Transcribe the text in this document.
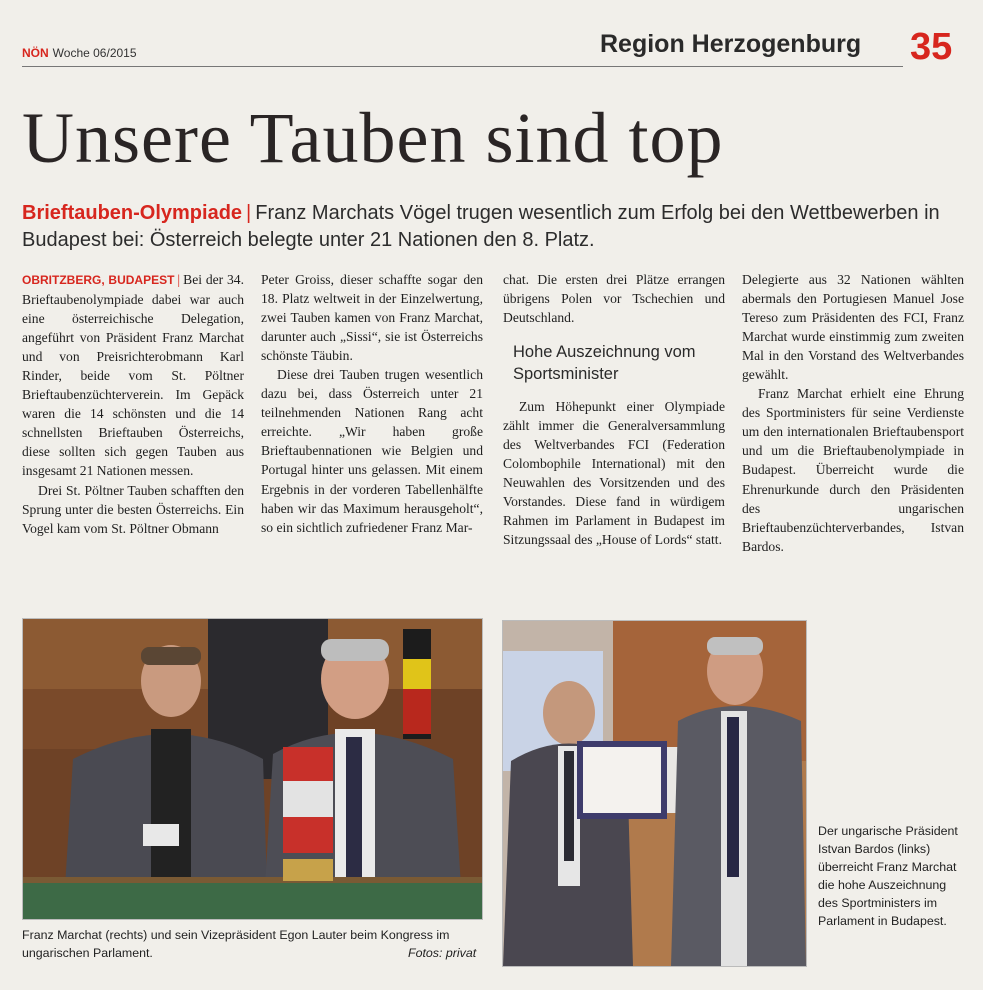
NÖN Woche 06/2015	Region Herzogenburg 35
Unsere Tauben sind top
Brieftauben-Olympiade | Franz Marchats Vögel trugen wesentlich zum Erfolg bei den Wettbewerben in Budapest bei: Österreich belegte unter 21 Nationen den 8. Platz.

OBRITZBERG, BUDAPEST | Bei der 34. Brieftaubenolympiade dabei war auch eine österreichische Delegation, angeführt von Präsident Franz Marchat und von Preisrichterobmann Karl Rinder, beide vom St. Pöltner Brieftaubenzüchterverein. Im Gepäck waren die 14 schönsten und die 14 schnellsten Brieftauben Österreichs, diese sollten sich gegen Tauben aus insgesamt 21 Nationen messen.

Drei St. Pöltner Tauben schafften den Sprung unter die besten Österreichs. Ein Vogel kam vom St. Pöltner Obmann

Peter Groiss, dieser schaffte sogar den 18. Platz weltweit in der Einzelwertung, zwei Tauben kamen von Franz Marchat, darunter auch „Sissi“, sie ist Österreichs schönste Täubin.

Diese drei Tauben trugen wesentlich dazu bei, dass Österreich unter 21 teilnehmenden Nationen Rang acht erreichte. „Wir haben große Brieftaubennationen wie Belgien und Portugal hinter uns gelassen. Mit einem Ergebnis in der vorderen Tabellenhälfte haben wir das Maximum herausgeholt“, so ein sichtlich zufriedener Franz Mar-

chat. Die ersten drei Plätze errangen übrigens Polen vor Tschechien und Deutschland.

Hohe Auszeichnung vom Sportsminister

Zum Höhepunkt einer Olympiade zählt immer die Generalversammlung des Weltverbandes FCI (Federation Colombophile International) mit den Neuwahlen des Vorsitzenden und des Vorstandes. Diese fand in würdigem Rahmen im Parlament in Budapest im Sitzungssaal des „House of Lords“ statt.

Delegierte aus 32 Nationen wählten abermals den Portugiesen Manuel Jose Tereso zum Präsidenten des FCI, Franz Marchat wurde einstimmig zum zweiten Mal in den Vorstand des Weltverbandes gewählt.

Franz Marchat erhielt eine Ehrung des Sportministers für seine Verdienste um den internationalen Brieftaubensport und um die Brieftaubenolympiade in Budapest. Überreicht wurde die Ehrenurkunde durch den Präsidenten des ungarischen Brieftaubenzüchterverbandes, Istvan Bardos.

Franz Marchat (rechts) und sein Vizepräsident Egon Lauter beim Kongress im ungarischen Parlament.	Fotos: privat
Der ungarische Präsident Istvan Bardos (links) überreicht Franz Marchat die hohe Auszeichnung des Sportministers im Parlament in Budapest.
